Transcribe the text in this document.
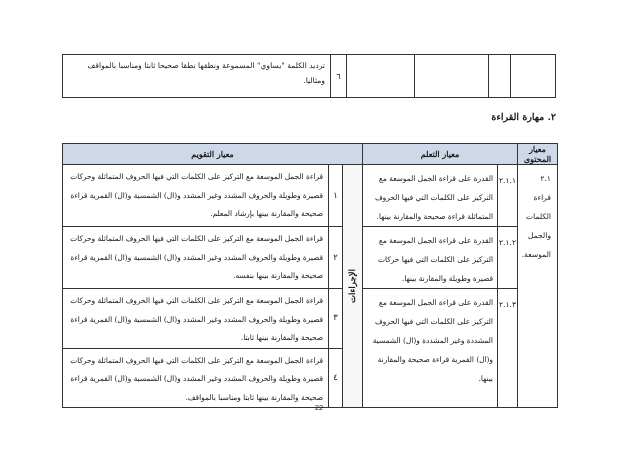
ترديد الكلمة "يساوي" المسموعة ونطقها نطقا صحيحا ثابتا ومناسبا بالمواقف ومثاليا.	٦				
٢. مهارة القراءة
معيار التقويم			معيار التعلم		معيار المحتوى

قراءة الجمل الموسعة مع التركيز على الكلمات التي فيها الحروف المتماثلة وحركات قصيرة وطويلة والحروف المشدد وغير المشدد و(ال) الشمسية و(ال) القمرية قراءة صحيحة والمقارنة بينها بإرشاد المعلم.	١	الإجراءات	القدرة على قراءة الجمل الموسعة مع التركيز على الكلمات التي فيها الحروف المتماثلة قراءة صحيحة والمقارنة بينها.	٢.١.١	٢.١ قراءة الكلمات والجمل الموسعة.

قراءة الجمل الموسعة مع التركيز على الكلمات التي فيها الحروف المتماثلة وحركات قصيرة وطويلة والحروف المشدد وغير المشدد و(ال) الشمسية و(ال) القمرية قراءة صحيحة والمقارنة بينها بنفسه.	٢		القدرة على قراءة الجمل الموسعة مع التركيز على الكلمات التي فيها حركات قصيرة وطويلة والمقارنة بينها.	٢.١.٢	

قراءة الجمل الموسعة مع التركيز على الكلمات التي فيها الحروف المتماثلة وحركات قصيرة وطويلة والحروف المشدد وغير المشدد و(ال) الشمسية و(ال) القمرية قراءة صحيحة والمقارنة بينها ثابتا.	٣		القدرة على قراءة الجمل الموسعة مع التركيز على الكلمات التي فيها الحروف المشددة وغير المشددة و(ال) الشمسية و(ال) القمرية قراءة صحيحة والمقارنة بينها.	٢.١.٣	

قراءة الجمل الموسعة مع التركيز على الكلمات التي فيها الحروف المتماثلة وحركات قصيرة وطويلة والحروف المشدد وغير المشدد و(ال) الشمسية و(ال) القمرية قراءة صحيحة والمقارنة بينها ثابتا ومناسبا بالمواقف.	٤				
22
